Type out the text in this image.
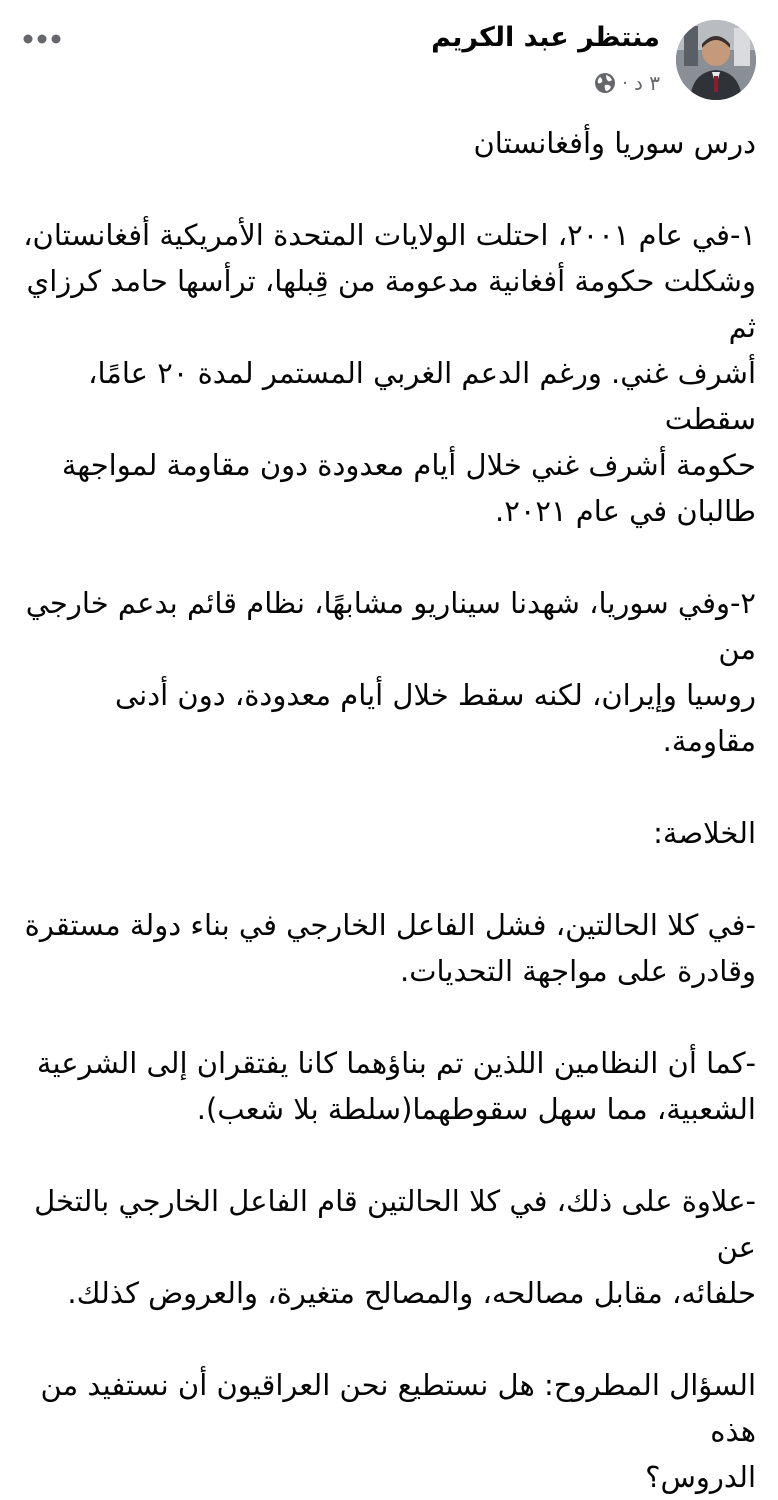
منتظر عبد الكريم
٣ د
·

درس سوريا وأفغانستان

١-في عام ٢٠٠١، احتلت الولايات المتحدة الأمريكية أفغانستان،

وشكلت حكومة أفغانية مدعومة من قِبلها، ترأسها حامد كرزاي ثم

أشرف غني. ورغم الدعم الغربي المستمر لمدة ٢٠ عامًا، سقطت

حكومة أشرف غني خلال أيام معدودة دون مقاومة لمواجهة

طالبان في عام ٢٠٢١.

٢-وفي سوريا، شهدنا سيناريو مشابهًا، نظام قائم بدعم خارجي من

روسيا وإيران، لكنه سقط خلال أيام معدودة، دون أدنى مقاومة.

الخلاصة:

-في كلا الحالتين، فشل الفاعل الخارجي في بناء دولة مستقرة

وقادرة على مواجهة التحديات.

-كما أن النظامين اللذين تم بناؤهما كانا يفتقران إلى الشرعية

الشعبية، مما سهل سقوطهما(سلطة بلا شعب).

-علاوة على ذلك، في كلا الحالتين قام الفاعل الخارجي بالتخل عن

حلفائه، مقابل مصالحه، والمصالح متغيرة، والعروض كذلك.

السؤال المطروح: هل نستطيع نحن العراقيون أن نستفيد من هذه

الدروس؟
